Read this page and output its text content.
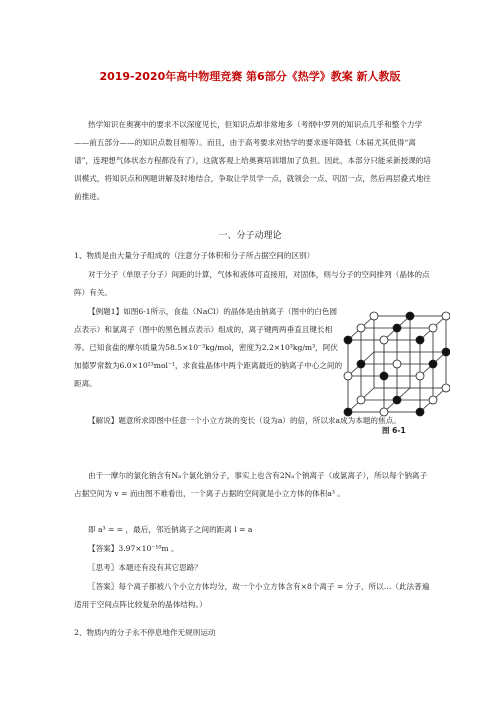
2019-2020年高中物理竞赛 第6部分《热学》教案 新人教版
热学知识在奥赛中的要求不以深度见长，但知识点却非常地多（考纲中罗列的知识点几乎和整个力学——前五部分——的知识点数目相等）。而且，由于高考要求对热学的要求逐年降低（本届尤其低得“离谱”，连理想气体状态方程都没有了），这就客观上给奥赛培训增加了负担。因此，本部分只能采新授课的培训模式，将知识点和例题讲解及时地结合，争取让学员学一点，就领会一点、巩固一点，然后再层叠式地往前推进。
一、分子动理论
1、物质是由大量分子组成的（注意分子体积和分子所占据空间的区别）
对于分子（单原子分子）间距的计算，气体和液体可直接用，对固体，则与分子的空间排列（晶体的点阵）有关。
【例题1】如图6-1所示，食盐（NaCl）的晶体是由钠离子（图中的白色圆点表示）和氯离子（图中的黑色圆点表示）组成的，离子键两两垂直且键长相等。已知食盐的摩尔质量为58.5×10⁻³kg/mol，密度为2.2×10³kg/m³，阿伏加德罗常数为6.0×10²³mol⁻¹，求食盐晶体中两个距离最近的钠离子中心之间的距离。
图 6-1
【解说】题意所求即图中任意一个小立方块的变长（设为a）的倍，所以求a成为本题的焦点。
由于一摩尔的氯化钠含有Nₐ个氯化钠分子，事实上也含有2Nₐ个钠离子（或氯离子），所以每个钠离子占据空间为 v = 而由图不难看出，一个离子占据的空间就是小立方体的体积a³ 。
即 a³ = = ，最后，邻近钠离子之间的距离 l = a
【答案】3.97×10⁻¹⁰m 。
〖思考〗本题还有没有其它思路？
〖答案〗每个离子都被八个小立方体均分，故一个小立方体含有×8个离子 = 分子，所以…（此法普遍适用于空间点阵比较复杂的晶体结构。）
2、物质内的分子永不停息地作无规则运动
